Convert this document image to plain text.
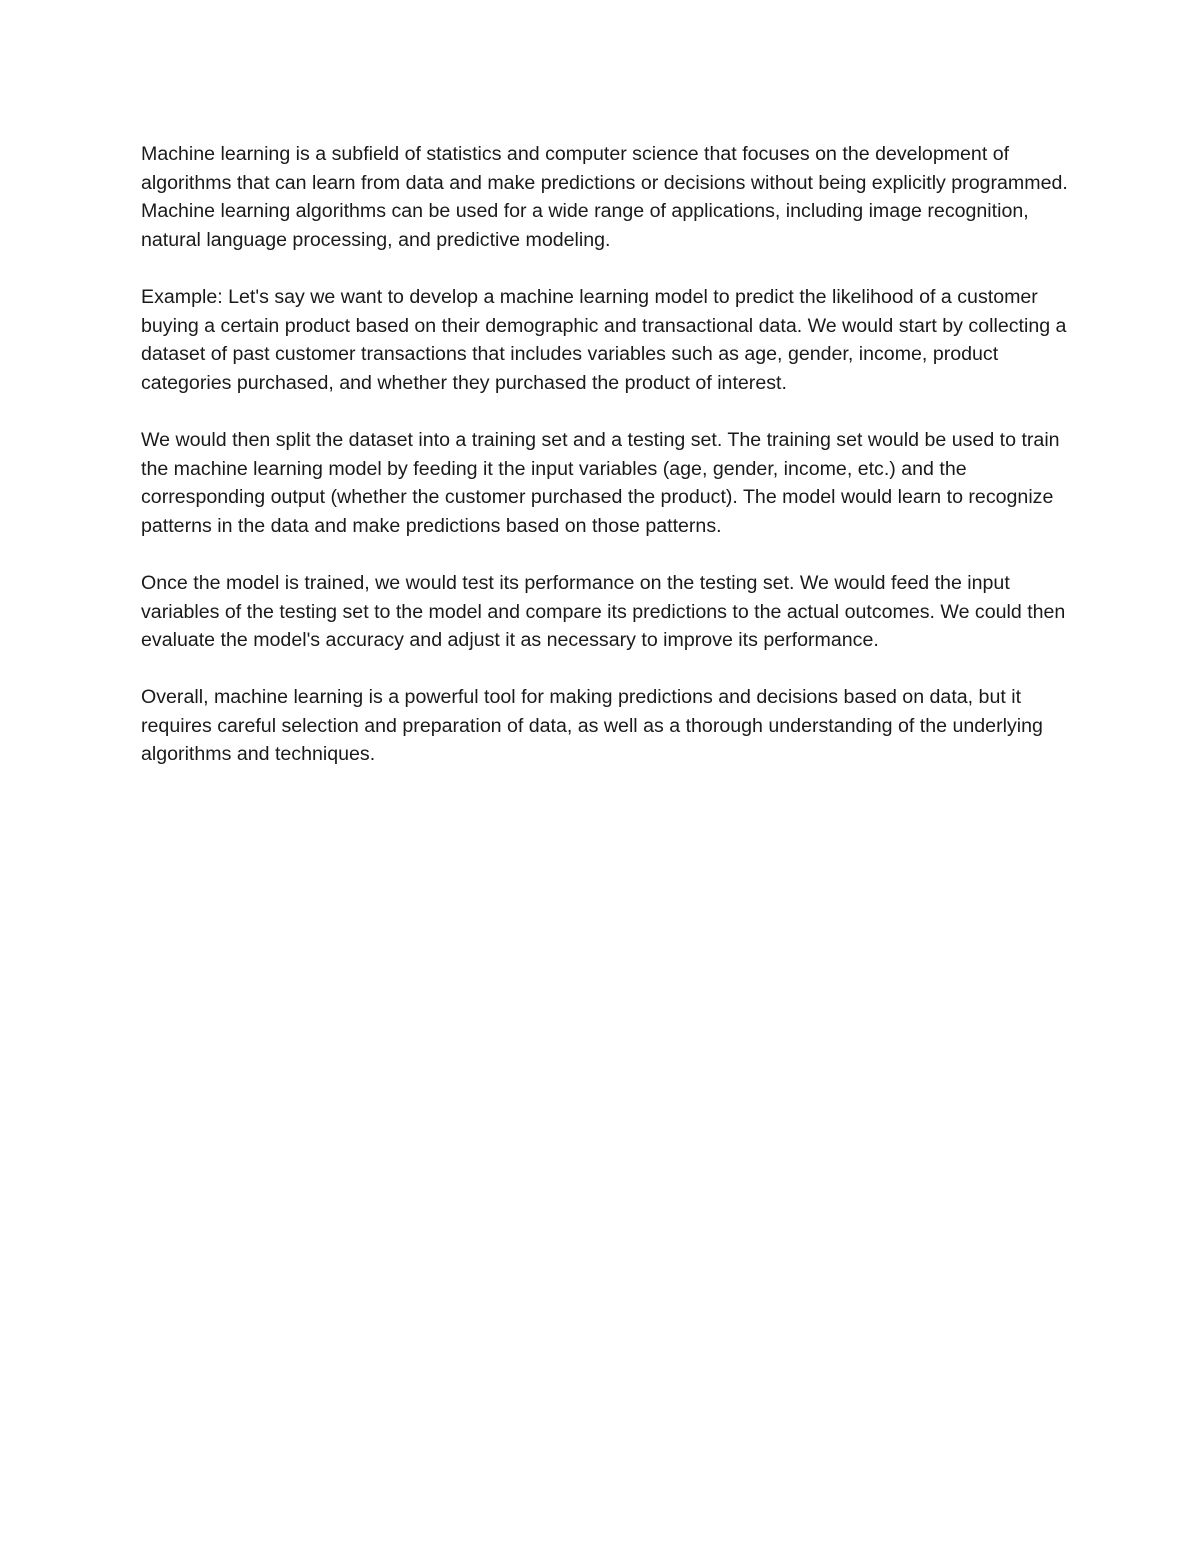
Machine learning is a subfield of statistics and computer science that focuses on the development of algorithms that can learn from data and make predictions or decisions without being explicitly programmed. Machine learning algorithms can be used for a wide range of applications, including image recognition, natural language processing, and predictive modeling.

Example: Let's say we want to develop a machine learning model to predict the likelihood of a customer buying a certain product based on their demographic and transactional data. We would start by collecting a dataset of past customer transactions that includes variables such as age, gender, income, product categories purchased, and whether they purchased the product of interest.

We would then split the dataset into a training set and a testing set. The training set would be used to train the machine learning model by feeding it the input variables (age, gender, income, etc.) and the corresponding output (whether the customer purchased the product). The model would learn to recognize patterns in the data and make predictions based on those patterns.

Once the model is trained, we would test its performance on the testing set. We would feed the input variables of the testing set to the model and compare its predictions to the actual outcomes. We could then evaluate the model's accuracy and adjust it as necessary to improve its performance.

Overall, machine learning is a powerful tool for making predictions and decisions based on data, but it requires careful selection and preparation of data, as well as a thorough understanding of the underlying algorithms and techniques.
